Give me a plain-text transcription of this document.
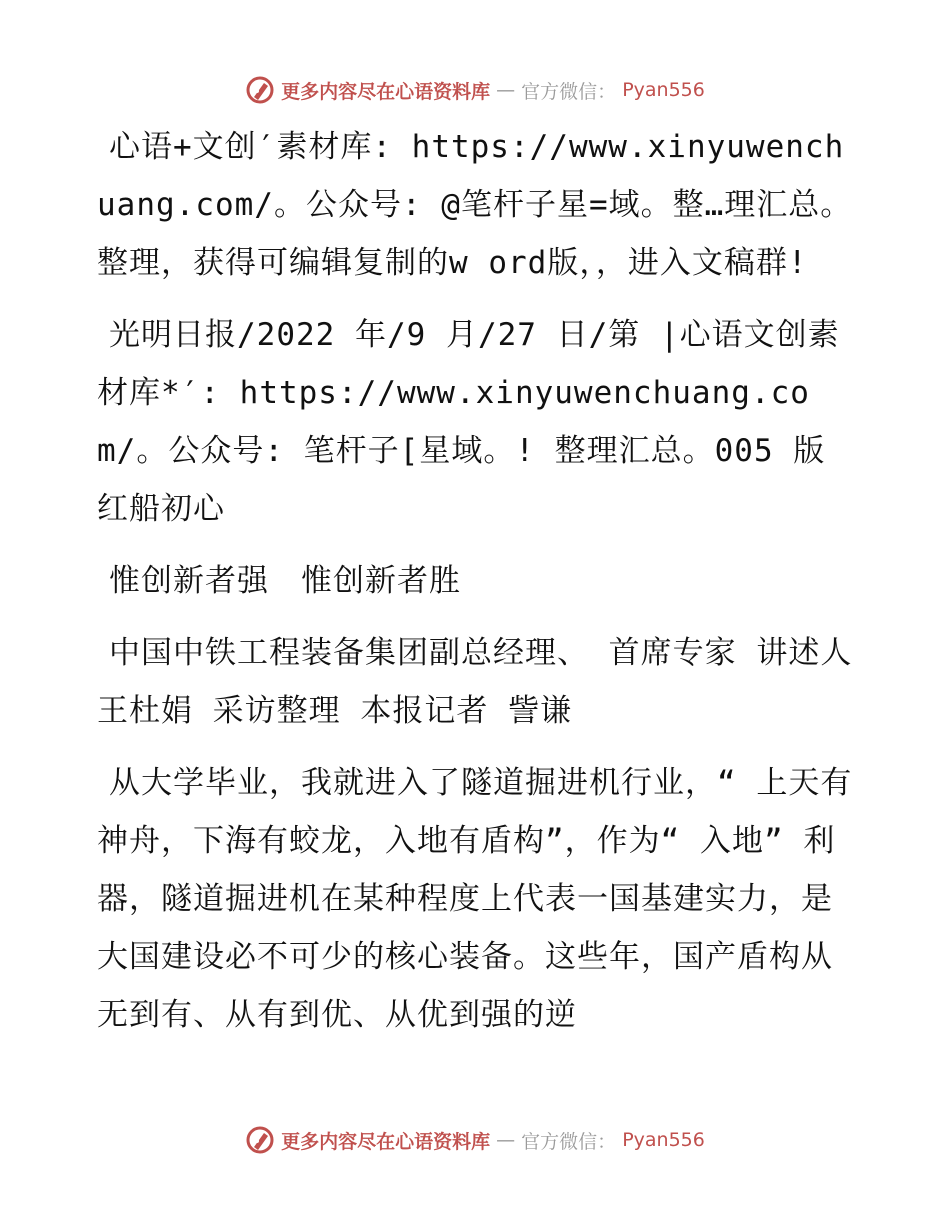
更多内容尽在心语资料库 — 官方微信： Pyan556

心语+文创′素材库: https://www.xinyuwenchuang.com/。公众号: @笔杆子星=域。整…理汇总。整理，获得可编辑复制的w ord版，，进入文稿群!

光明日报/2022 年/9 月/27 日/第 |心语文创素材库*′: https://www.xinyuwenchuang.com/。公众号: 笔杆子[星域。! 整理汇总。005 版红船初心

惟创新者强　惟创新者胜

中国中铁工程装备集团副总经理、 首席专家 讲述人 王杜娟 采访整理 本报记者 訾谦

从大学毕业，我就进入了隧道掘进机行业，“ 上天有神舟，下海有蛟龙，入地有盾构”，作为“ 入地” 利器，隧道掘进机在某种程度上代表一国基建实力，是大国建设必不可少的核心装备。这些年，国产盾构从无到有、从有到优、从优到强的逆

更多内容尽在心语资料库 — 官方微信： Pyan556
